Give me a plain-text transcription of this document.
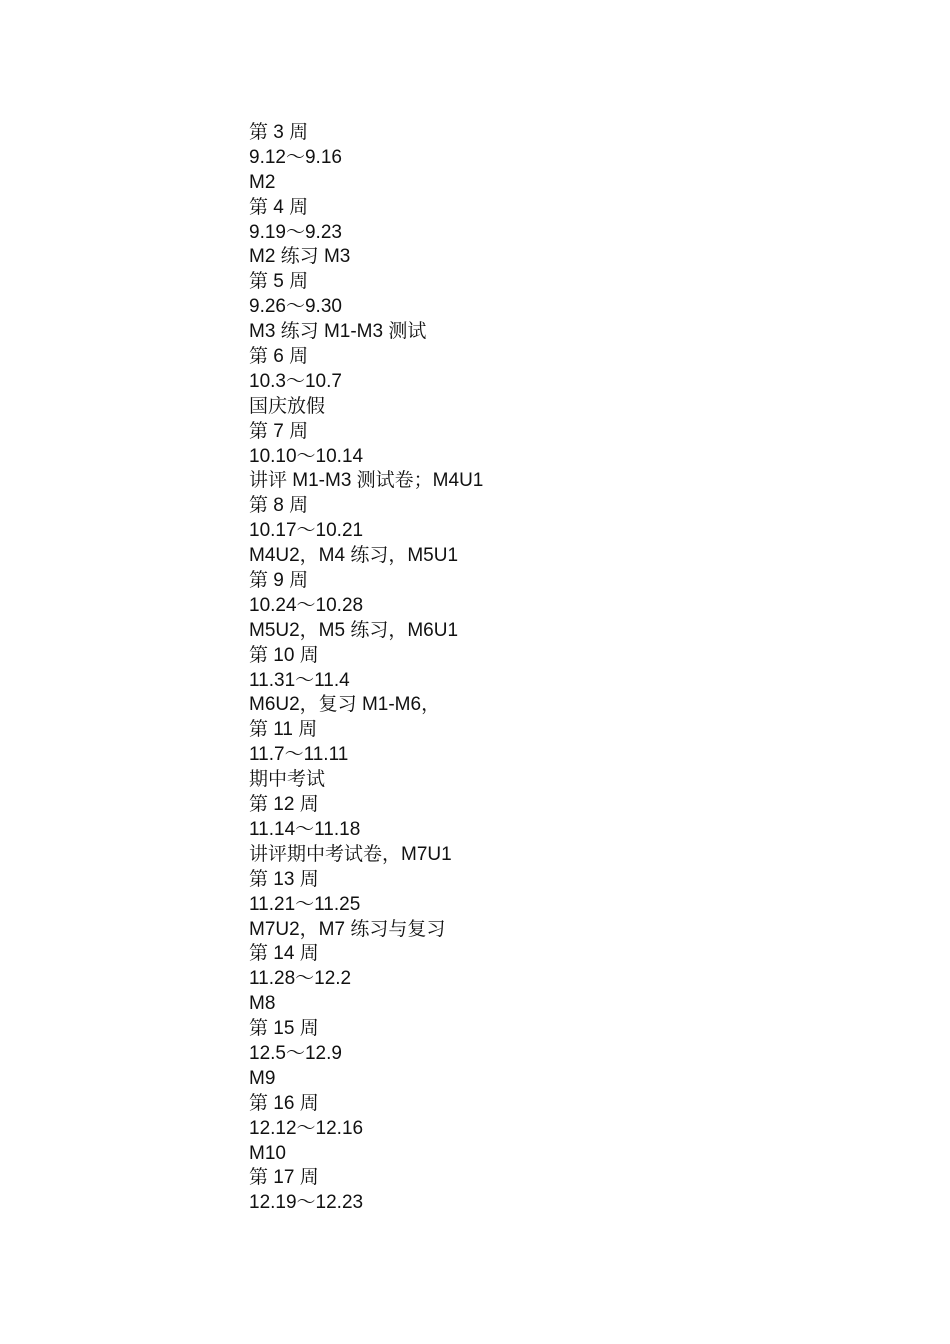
第 3 周
9.12～9.16
M2
第 4 周
9.19～9.23
M2 练习 M3
第 5 周
9.26～9.30
M3 练习 M1-M3 测试
第 6 周
10.3～10.7
国庆放假
第 7 周
10.10～10.14
讲评 M1-M3 测试卷；M4U1
第 8 周
10.17～10.21
M4U2，M4 练习，M5U1
第 9 周
10.24～10.28
M5U2，M5 练习，M6U1
第 10 周
11.31～11.4
M6U2，复习 M1-M6，
第 11 周
11.7～11.11
期中考试
第 12 周
11.14～11.18
讲评期中考试卷，M7U1
第 13 周
11.21～11.25
M7U2，M7 练习与复习
第 14 周
11.28～12.2
M8
第 15 周
12.5～12.9
M9
第 16 周
12.12～12.16
M10
第 17 周
12.19～12.23
